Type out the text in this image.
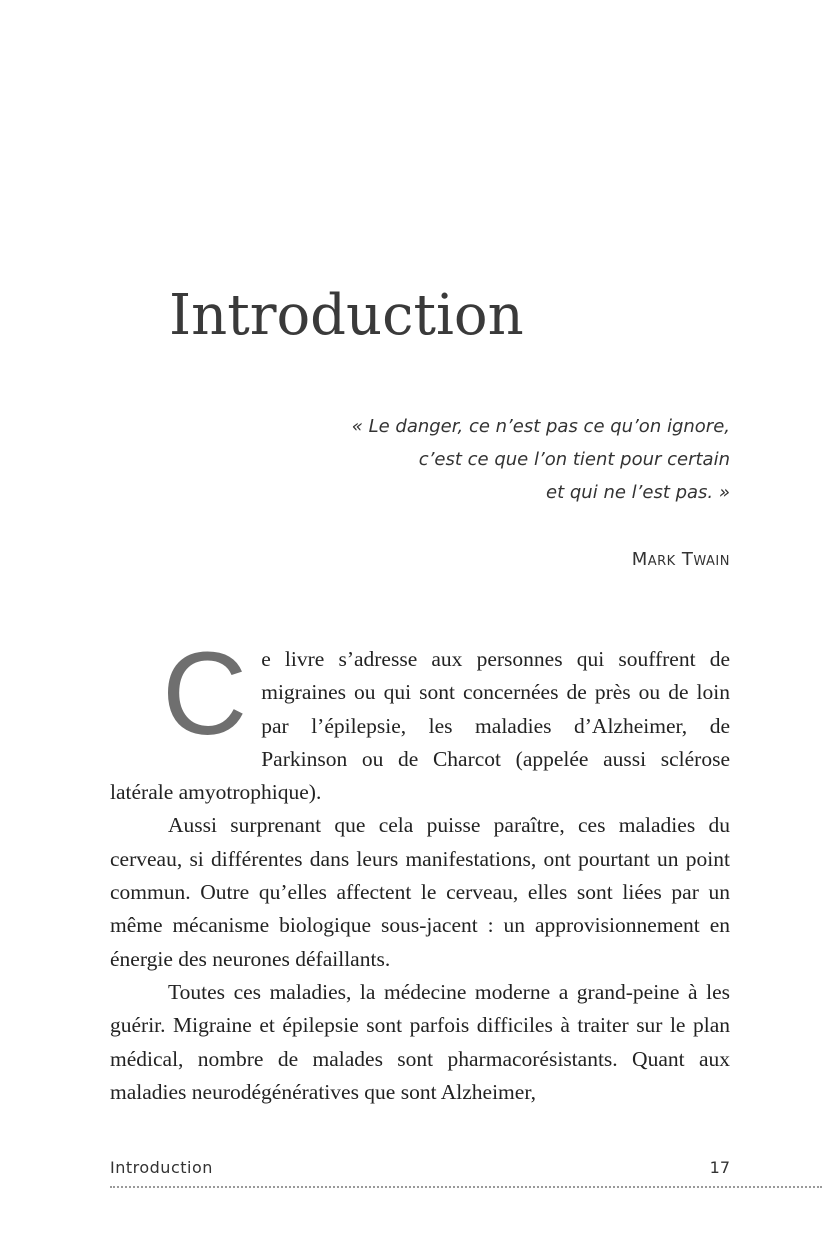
Introduction
« Le danger, ce n’est pas ce qu’on ignore,
c’est ce que l’on tient pour certain
et qui ne l’est pas. »
Mark Twain

Ce livre s’adresse aux personnes qui souffrent de migraines ou qui sont concernées de près ou de loin par l’épilepsie, les maladies d’Alzheimer, de Parkinson ou de Charcot (appelée aussi sclérose latérale amyotrophique).

Aussi surprenant que cela puisse paraître, ces maladies du cerveau, si différentes dans leurs manifestations, ont pourtant un point commun. Outre qu’elles affectent le cerveau, elles sont liées par un même mécanisme biologique sous-jacent : un approvisionnement en énergie des neurones défaillants.

Toutes ces maladies, la médecine moderne a grand-peine à les guérir. Migraine et épilepsie sont parfois difficiles à traiter sur le plan médical, nombre de malades sont pharmacorésistants. Quant aux maladies neurodégénératives que sont Alzheimer,

Introduction	17
